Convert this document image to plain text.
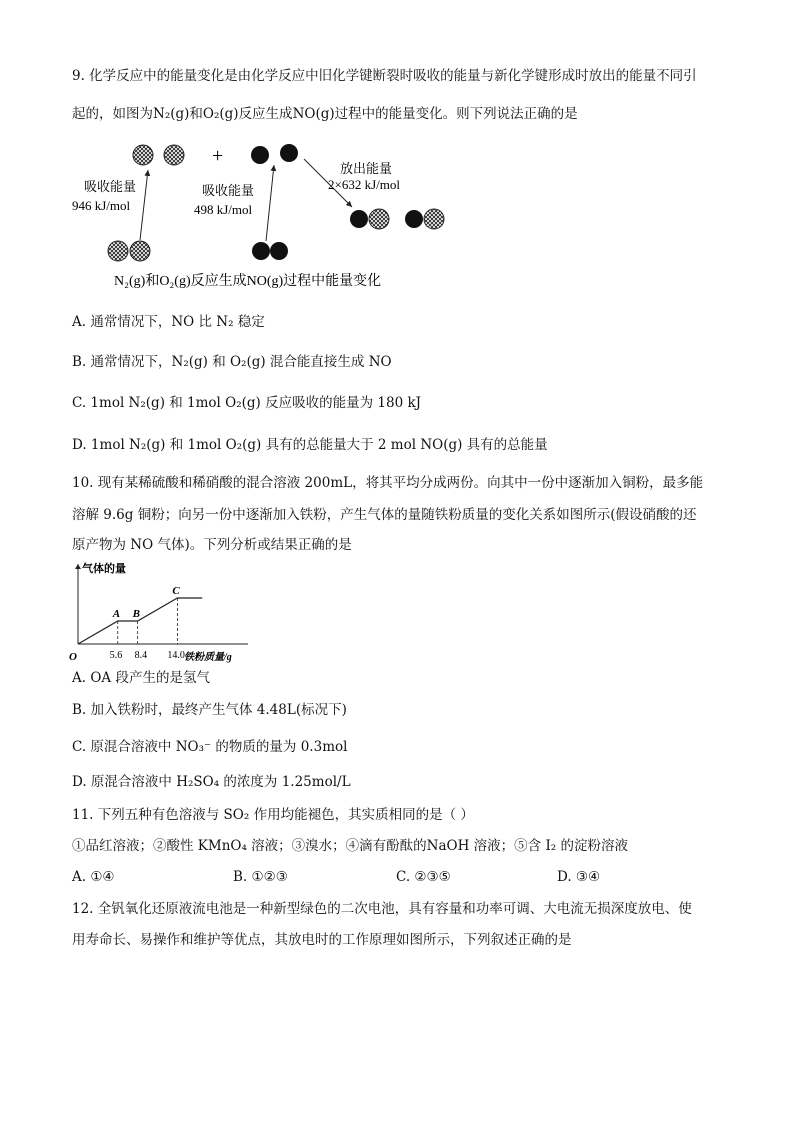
9. 化学反应中的能量变化是由化学反应中旧化学键断裂时吸收的能量与新化学键形成时放出的能量不同引
起的，如图为N₂(g)和O₂(g)反应生成NO(g)过程中的能量变化。则下列说法正确的是
+
吸收能量
946 kJ/mol
吸收能量
498 kJ/mol
放出能量
2×632 kJ/mol
N₂(g)和O₂(g)反应生成NO(g)过程中能量变化
A. 通常情况下，NO 比 N₂ 稳定
B. 通常情况下，N₂(g) 和 O₂(g) 混合能直接生成 NO
C. 1mol N₂(g) 和 1mol O₂(g) 反应吸收的能量为 180 kJ
D. 1mol N₂(g) 和 1mol O₂(g) 具有的总能量大于 2 mol NO(g) 具有的总能量
10. 现有某稀硫酸和稀硝酸的混合溶液 200mL，将其平均分成两份。向其中一份中逐渐加入铜粉，最多能
溶解 9.6g 铜粉；向另一份中逐渐加入铁粉，产生气体的量随铁粉质量的变化关系如图所示(假设硝酸的还
原产物为 NO 气体)。下列分析或结果正确的是
气体的量
铁粉质量/g
O
A
5.6
B
8.4
C
14.0
A. OA 段产生的是氢气
B. 加入铁粉时，最终产生气体 4.48L(标况下)
C. 原混合溶液中 NO₃⁻ 的物质的量为 0.3mol
D. 原混合溶液中 H₂SO₄ 的浓度为 1.25mol/L
11. 下列五种有色溶液与 SO₂ 作用均能褪色，其实质相同的是（ ）
①品红溶液；②酸性 KMnO₄ 溶液；③溴水；④滴有酚酞的NaOH 溶液；⑤含 I₂ 的淀粉溶液
A. ①④	B. ①②③	C. ②③⑤	D. ③④
12. 全钒氧化还原液流电池是一种新型绿色的二次电池，具有容量和功率可调、大电流无损深度放电、使
用寿命长、易操作和维护等优点，其放电时的工作原理如图所示，下列叙述正确的是
